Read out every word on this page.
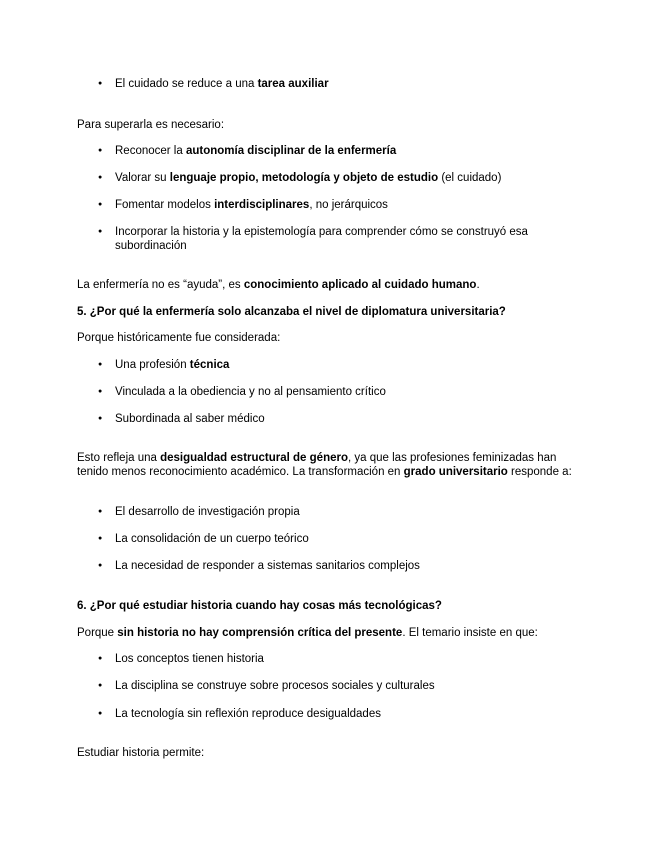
●

El cuidado se reduce a una tarea auxiliar

Para superarla es necesario:

●

Reconocer la autonomía disciplinar de la enfermería

●

Valorar su lenguaje propio, metodología y objeto de estudio (el cuidado)

●

Fomentar modelos interdisciplinares, no jerárquicos

●

Incorporar la historia y la epistemología para comprender cómo se construyó esa subordinación

La enfermería no es “ayuda”, es conocimiento aplicado al cuidado humano.

5. ¿Por qué la enfermería solo alcanzaba el nivel de diplomatura universitaria?

Porque históricamente fue considerada:

●

Una profesión técnica

●

Vinculada a la obediencia y no al pensamiento crítico

●

Subordinada al saber médico

Esto refleja una desigualdad estructural de género, ya que las profesiones feminizadas han tenido menos reconocimiento académico. La transformación en grado universitario responde a:

●

El desarrollo de investigación propia

●

La consolidación de un cuerpo teórico

●

La necesidad de responder a sistemas sanitarios complejos

6. ¿Por qué estudiar historia cuando hay cosas más tecnológicas?

Porque sin historia no hay comprensión crítica del presente. El temario insiste en que:

●

Los conceptos tienen historia

●

La disciplina se construye sobre procesos sociales y culturales

●

La tecnología sin reflexión reproduce desigualdades

Estudiar historia permite:
